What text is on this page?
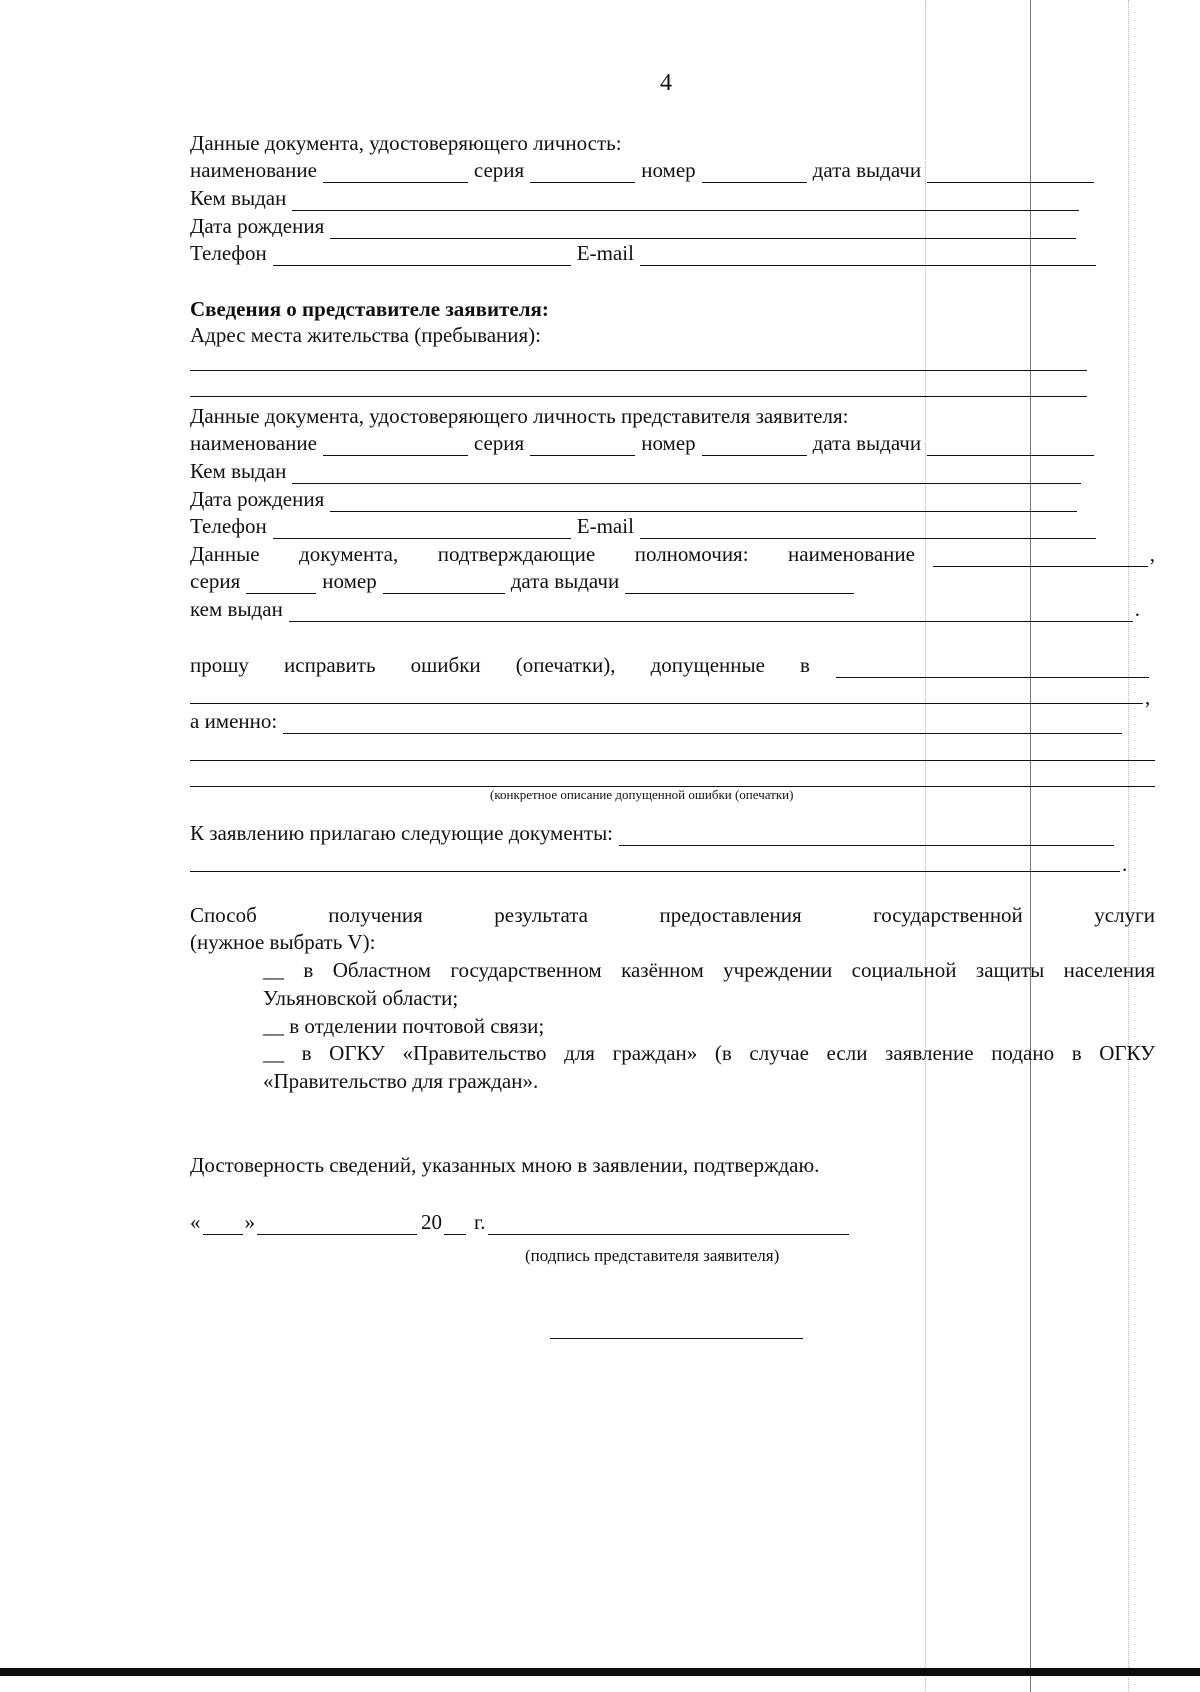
4
Данные документа, удостоверяющего личность:
наименование	серия	номер	дата выдачи
Кем выдан
Дата рождения
Телефон	E-mail
Сведения о представителе заявителя:
Адрес места жительства (пребывания):
Данные документа, удостоверяющего личность представителя заявителя:
наименование	серия	номер	дата выдачи
Кем выдан
Дата рождения
Телефон	E-mail
Данные документа, подтверждающие полномочия: наименование	,
серия	номер	дата выдачи
кем выдан	.
прошу исправить ошибки (опечатки), допущенные в
,
а именно:
(конкретное описание допущенной ошибки (опечатки)
К заявлению прилагаю следующие документы:
.
Способ	получения	результата	предоставления	государственной	услуги
(нужное выбрать V):
__ в Областном государственном казённом учреждении социальной защиты населения Ульяновской области;
__ в отделении почтовой связи;
__ в ОГКУ «Правительство для граждан» (в случае если заявление подано в ОГКУ «Правительство для граждан».
Достоверность сведений, указанных мною в заявлении, подтверждаю.
« »	20 г.
(подпись представителя заявителя)
